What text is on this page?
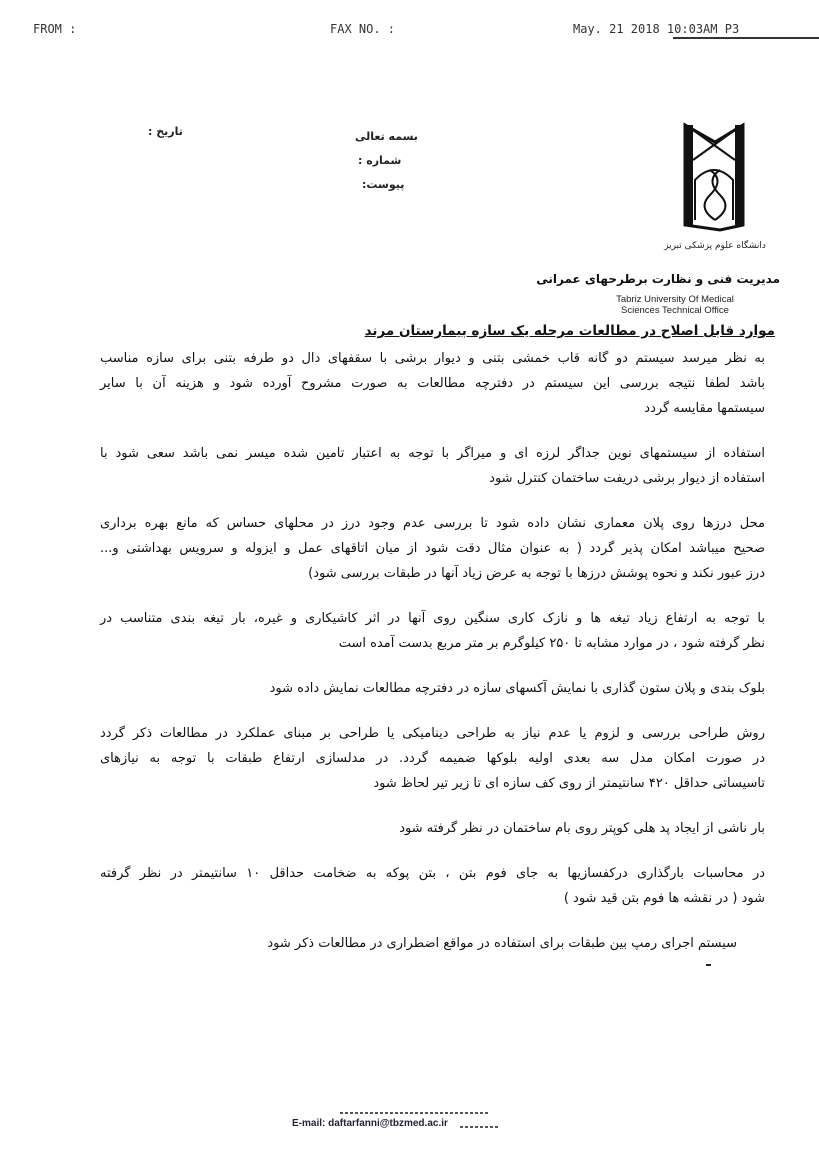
FROM :	FAX NO. :	May. 21 2018 10:03AM P3
تاریخ :	بسمه تعالی
شماره :
پیوست:
دانشگاه علوم پزشکی تبریز
مدیریت فنی و نظارت برطرحهای عمرانی
Tabriz University Of Medical
Sciences Technical Office
موارد قابل اصلاح در مطالعات مرحله یک سازه بیمارستان مرند
به نظر میرسد سیستم دو گانه قاب خمشی بتنی و دیوار برشی با سقفهای دال دو طرفه بتنی برای سازه مناسب
باشد لطفا نتیجه بررسی این سیستم در دفترچه مطالعات به صورت مشروح آورده شود و هزینه آن با سایر
سیستمها مقایسه گردد
استفاده از سیستمهای نوین جداگر لرزه ای و میراگر با توجه به اعتبار تامین شده میسر نمی باشد سعی شود با
استفاده از دیوار برشی دریفت ساختمان کنترل شود
محل درزها روی پلان معماری نشان داده شود تا بررسی عدم وجود درز در محلهای حساس که مانع بهره برداری
صحیح میباشد امکان پذیر گردد ( به عنوان مثال دقت شود از میان اتاقهای عمل و ایزوله و سرویس بهداشتی و...
درز عبور نکند و نحوه پوشش درزها با توجه به عرض زیاد آنها در طبقات بررسی شود)
با توجه به ارتفاع زیاد تیغه ها و نازک کاری سنگین روی آنها در اثر کاشیکاری و غیره، بار تیغه بندی متناسب در
نظر گرفته شود ، در موارد مشابه تا ۲۵۰ کیلوگرم بر متر مربع بدست آمده است
بلوک بندی و پلان ستون گذاری با نمایش آکسهای سازه در دفترچه مطالعات نمایش داده شود
روش طراحی بررسی و لزوم یا عدم نیاز به طراحی دینامیکی یا طراحی بر مبنای عملکرد در مطالعات ذکر گردد
در صورت امکان مدل سه بعدی اولیه بلوکها ضمیمه گردد. در مدلسازی ارتفاع طبقات با توجه به نیازهای
تاسیساتی حداقل ۴۲۰ سانتیمتر از روی کف سازه ای تا زیر تیر لحاظ شود
بار ناشی از ایجاد پد هلی کوپتر روی بام ساختمان در نظر گرفته شود
در محاسبات بارگذاری درکفسازیها به جای فوم بتن ، بتن پوکه به ضخامت حداقل ۱۰ سانتیمتر در نظر گرفته
شود ( در نقشه ها فوم بتن قید شود )
سیستم اجرای رمپ بین طبقات برای استفاده در مواقع اضطراری در مطالعات ذکر شود
E-mail: daftarfanni@tbzmed.ac.ir
